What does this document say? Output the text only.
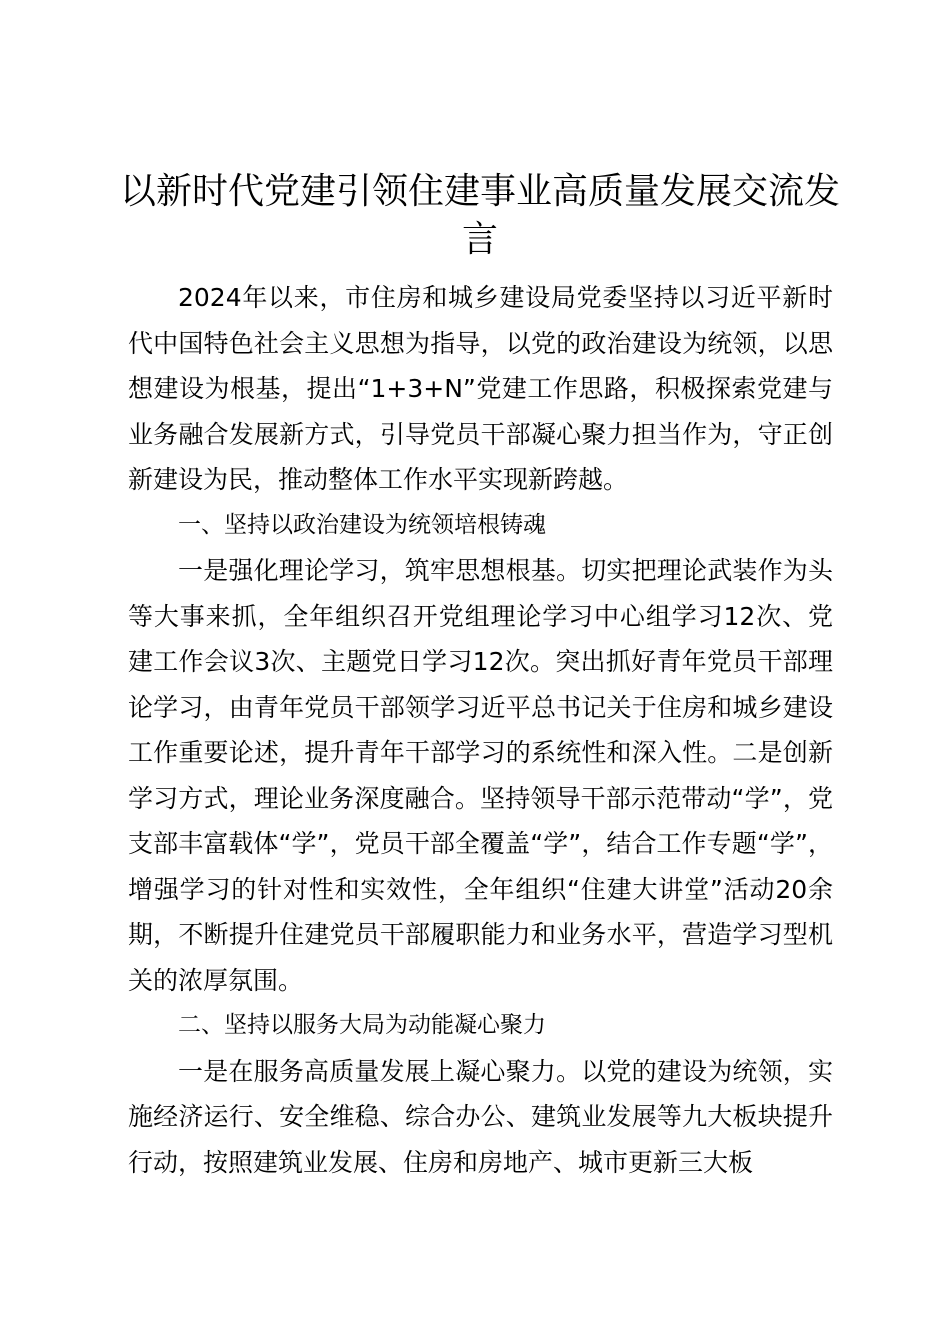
以新时代党建引领住建事业高质量发展交流发言

2024年以来，市住房和城乡建设局党委坚持以习近平新时代中国特色社会主义思想为指导，以党的政治建设为统领，以思想建设为根基，提出“1+3+N”党建工作思路，积极探索党建与业务融合发展新方式，引导党员干部凝心聚力担当作为，守正创新建设为民，推动整体工作水平实现新跨越。

一、坚持以政治建设为统领培根铸魂

一是强化理论学习，筑牢思想根基。切实把理论武装作为头等大事来抓，全年组织召开党组理论学习中心组学习12次、党建工作会议3次、主题党日学习12次。突出抓好青年党员干部理论学习，由青年党员干部领学习近平总书记关于住房和城乡建设工作重要论述，提升青年干部学习的系统性和深入性。二是创新学习方式，理论业务深度融合。坚持领导干部示范带动“学”，党支部丰富载体“学”，党员干部全覆盖“学”，结合工作专题“学”，增强学习的针对性和实效性，全年组织“住建大讲堂”活动20余期，不断提升住建党员干部履职能力和业务水平，营造学习型机关的浓厚氛围。

二、坚持以服务大局为动能凝心聚力

一是在服务高质量发展上凝心聚力。以党的建设为统领，实施经济运行、安全维稳、综合办公、建筑业发展等九大板块提升行动，按照建筑业发展、住房和房地产、城市更新三大板
